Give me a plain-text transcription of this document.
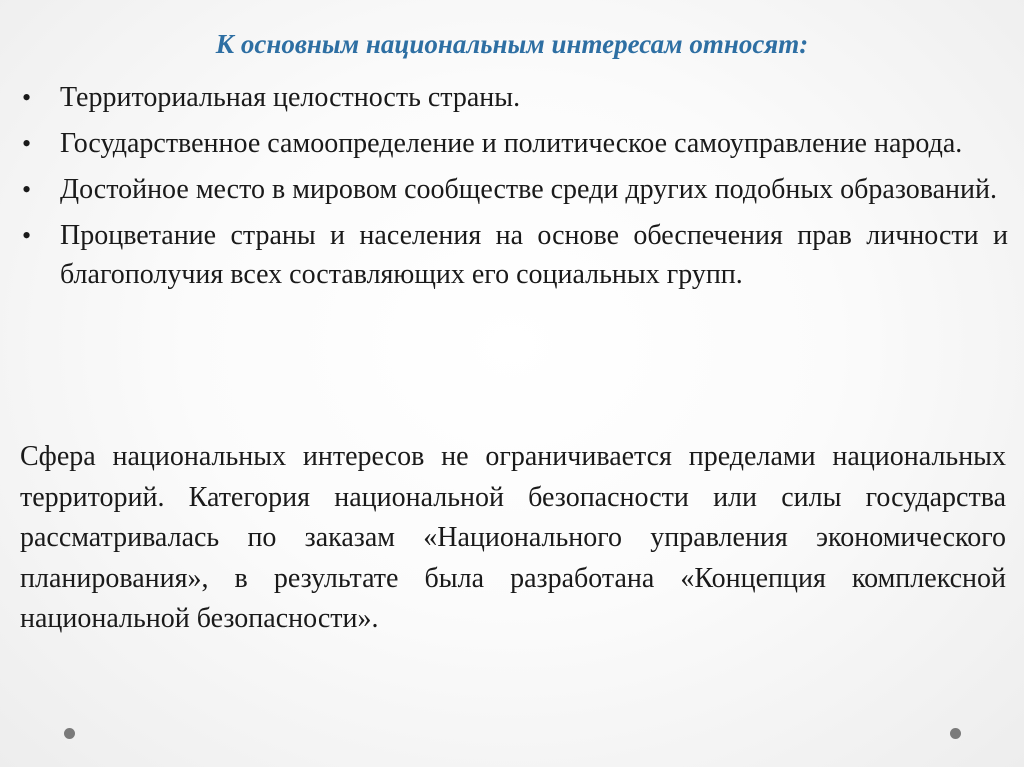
К основным национальным интересам относят:
• Территориальная целостность страны.
• Государственное самоопределение и политическое самоуправление народа.
• Достойное место в мировом сообществе среди других подобных образований.
• Процветание страны и населения на основе обеспечения прав личности и благополучия всех составляющих его социальных групп.

Сфера национальных интересов не ограничивается пределами национальных территорий. Категория национальной безопасности или силы государства рассматривалась по заказам «Национального управления экономического планирования», в результате была разработана «Концепция комплексной национальной безопасности».
